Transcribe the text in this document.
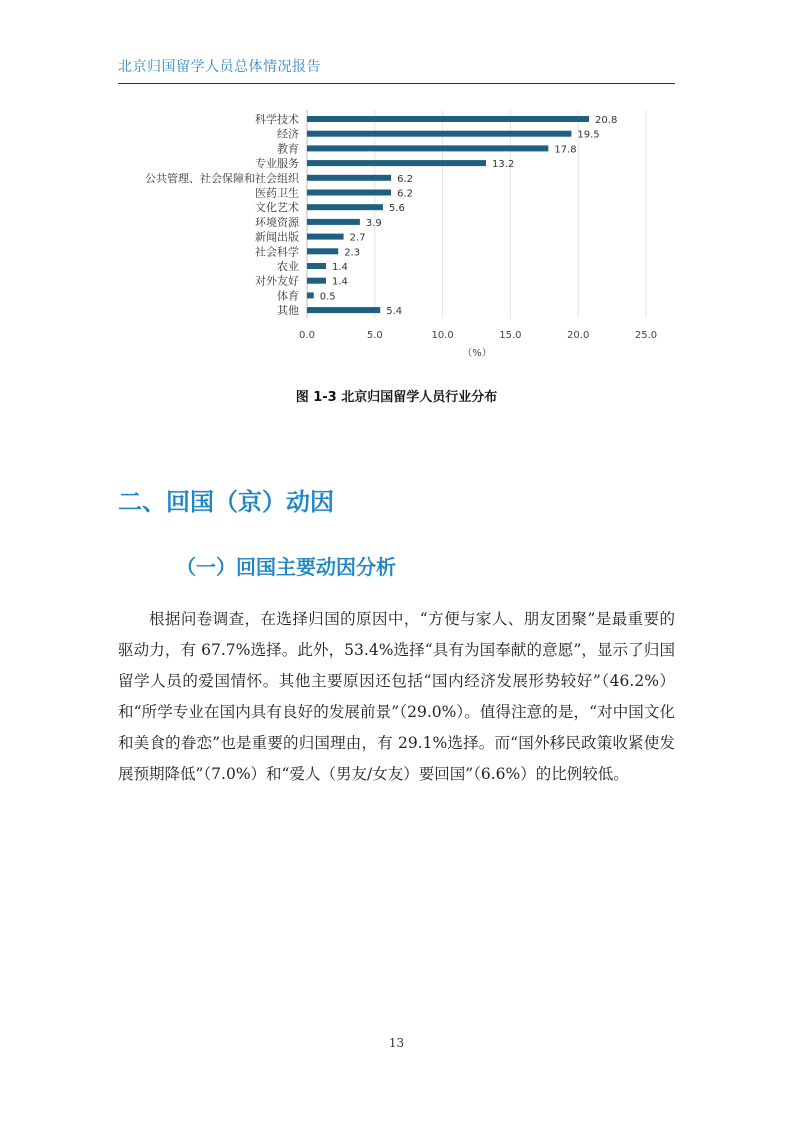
北京归国留学人员总体情况报告
科学技术
经济
教育
专业服务
公共管理、社会保障和社会组织
医药卫生
文化艺术
环境资源
新闻出版
社会科学
农业
对外友好
体育
其他
20.8
19.5
17.8
13.2
6.2
6.2
5.6
3.9
2.7
2.3
1.4
1.4
0.5
5.4
0.0	5.0	10.0	15.0	20.0	25.0
（%）
图 1-3 北京归国留学人员行业分布
二、回国（京）动因
（一）回国主要动因分析

根据问卷调查，在选择归国的原因中，“方便与家人、朋友团聚”是最重要的驱动力，有 67.7%选择。此外，53.4%选择“具有为国奉献的意愿”，显示了归国留学人员的爱国情怀。其他主要原因还包括“国内经济发展形势较好”（46.2%）和“所学专业在国内具有良好的发展前景”（29.0%）。值得注意的是，“对中国文化和美食的眷恋”也是重要的归国理由，有 29.1%选择。而“国外移民政策收紧使发展预期降低”（7.0%）和“爱人（男友/女友）要回国”（6.6%）的比例较低。

13
